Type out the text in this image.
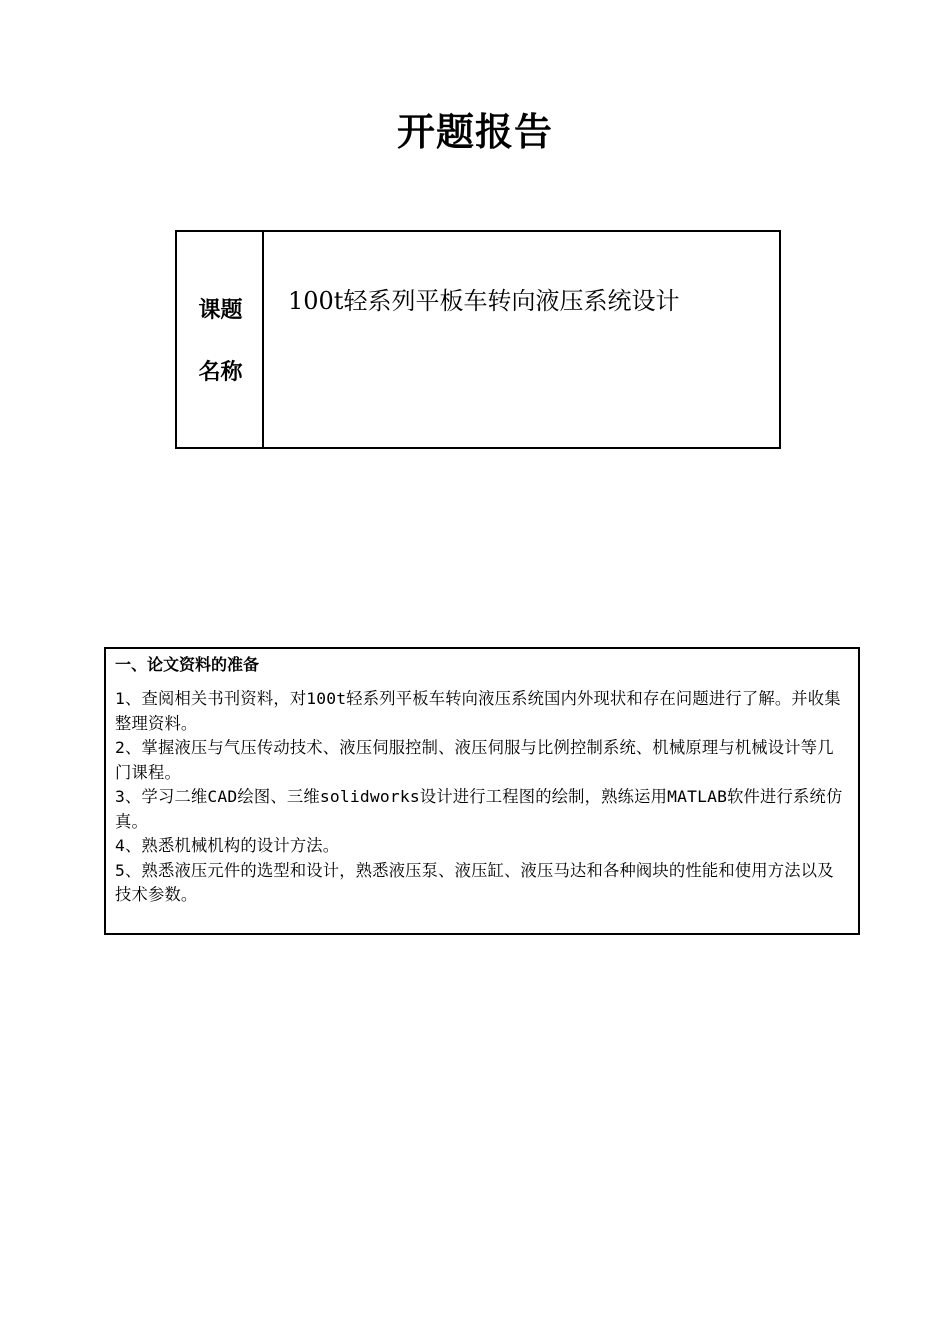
开题报告
课题
名称
100t轻系列平板车转向液压系统设计
一、论文资料的准备
1、查阅相关书刊资料，对100t轻系列平板车转向液压系统国内外现状和存在问题进行了解。并收集整理资料。
2、掌握液压与气压传动技术、液压伺服控制、液压伺服与比例控制系统、机械原理与机械设计等几门课程。
3、学习二维CAD绘图、三维solidworks设计进行工程图的绘制，熟练运用MATLAB软件进行系统仿真。
4、熟悉机械机构的设计方法。
5、熟悉液压元件的选型和设计，熟悉液压泵、液压缸、液压马达和各种阀块的性能和使用方法以及技术参数。
